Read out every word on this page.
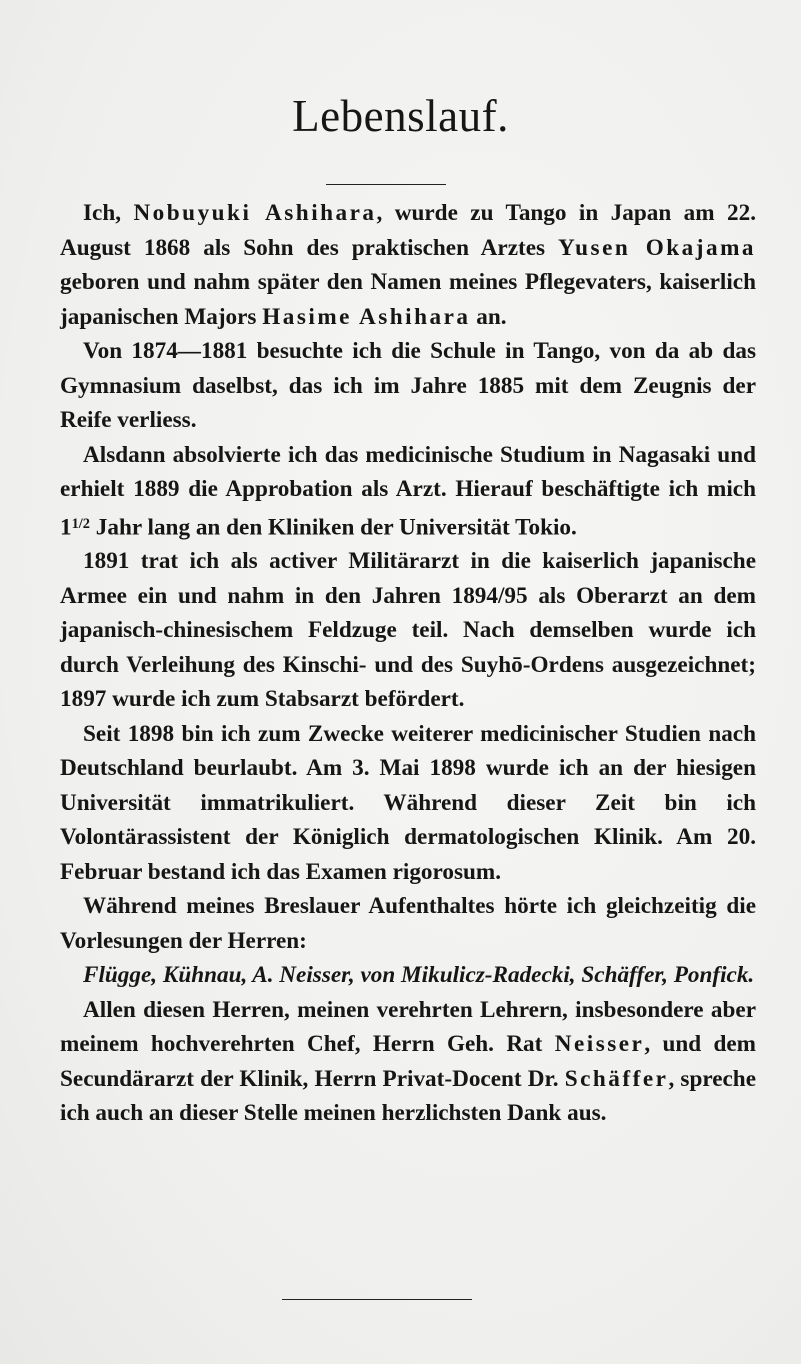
Lebenslauf.

Ich, Nobuyuki Ashihara, wurde zu Tango in Japan am 22. August 1868 als Sohn des praktischen Arztes Yusen Okajama geboren und nahm später den Namen meines Pflegevaters, kaiserlich japanischen Majors Hasime Ashihara an.

Von 1874—1881 besuchte ich die Schule in Tango, von da ab das Gymnasium daselbst, das ich im Jahre 1885 mit dem Zeugnis der Reife verliess.

Alsdann absolvierte ich das medicinische Studium in Nagasaki und erhielt 1889 die Approbation als Arzt. Hierauf beschäftigte ich mich $1^{1/2}$ Jahr lang an den Kliniken der Universität Tokio.

1891 trat ich als activer Militärarzt in die kaiserlich japanische Armee ein und nahm in den Jahren 1894/95 als Oberarzt an dem japanisch-chinesischem Feldzuge teil. Nach demselben wurde ich durch Verleihung des Kinschi- und des Suyhō-Ordens ausgezeichnet; 1897 wurde ich zum Stabsarzt befördert.

Seit 1898 bin ich zum Zwecke weiterer medicinischer Studien nach Deutschland beurlaubt. Am 3. Mai 1898 wurde ich an der hiesigen Universität immatrikuliert. Während dieser Zeit bin ich Volontärassistent der Königlich dermatologischen Klinik. Am 20. Februar bestand ich das Examen rigorosum.

Während meines Breslauer Aufenthaltes hörte ich gleichzeitig die Vorlesungen der Herren:

Flügge, Kühnau, A. Neisser, von Mikulicz-Radecki, Schäffer, Ponfick.

Allen diesen Herren, meinen verehrten Lehrern, insbesondere aber meinem hochverehrten Chef, Herrn Geh. Rat Neisser, und dem Secundärarzt der Klinik, Herrn Privat-Docent Dr. Schäffer, spreche ich auch an dieser Stelle meinen herzlichsten Dank aus.
